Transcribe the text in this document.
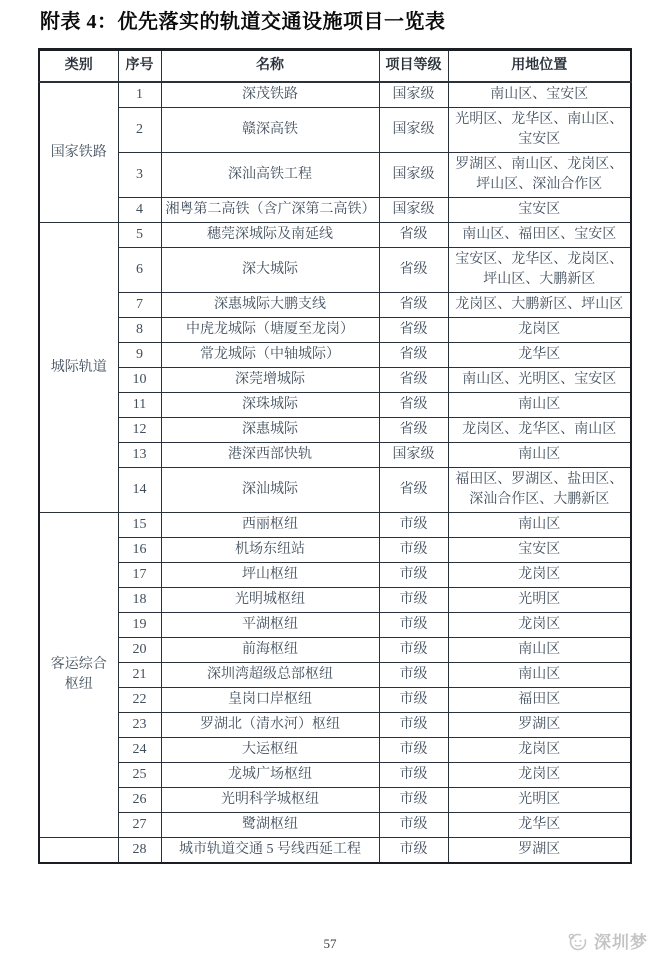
附表 4：优先落实的轨道交通设施项目一览表
类别	序号	名称	项目等级	用地位置
国家铁路	1	深茂铁路	国家级	南山区、宝安区
	2	赣深高铁	国家级	光明区、龙华区、南山区、宝安区
	3	深汕高铁工程	国家级	罗湖区、南山区、龙岗区、坪山区、深汕合作区
	4	湘粤第二高铁（含广深第二高铁）	国家级	宝安区
城际轨道	5	穗莞深城际及南延线	省级	南山区、福田区、宝安区
	6	深大城际	省级	宝安区、龙华区、龙岗区、坪山区、大鹏新区
	7	深惠城际大鹏支线	省级	龙岗区、大鹏新区、坪山区
	8	中虎龙城际（塘厦至龙岗）	省级	龙岗区
	9	常龙城际（中轴城际）	省级	龙华区
	10	深莞增城际	省级	南山区、光明区、宝安区
	11	深珠城际	省级	南山区
	12	深惠城际	省级	龙岗区、龙华区、南山区
	13	港深西部快轨	国家级	南山区
	14	深汕城际	省级	福田区、罗湖区、盐田区、深汕合作区、大鹏新区
客运综合枢纽	15	西丽枢纽	市级	南山区
	16	机场东纽站	市级	宝安区
	17	坪山枢纽	市级	龙岗区
	18	光明城枢纽	市级	光明区
	19	平湖枢纽	市级	龙岗区
	20	前海枢纽	市级	南山区
	21	深圳湾超级总部枢纽	市级	南山区
	22	皇岗口岸枢纽	市级	福田区
	23	罗湖北（清水河）枢纽	市级	罗湖区
	24	大运枢纽	市级	龙岗区
	25	龙城广场枢纽	市级	龙岗区
	26	光明科学城枢纽	市级	光明区
	27	鹭湖枢纽	市级	龙华区
	28	城市轨道交通 5 号线西延工程	市级	罗湖区
57	深圳梦
